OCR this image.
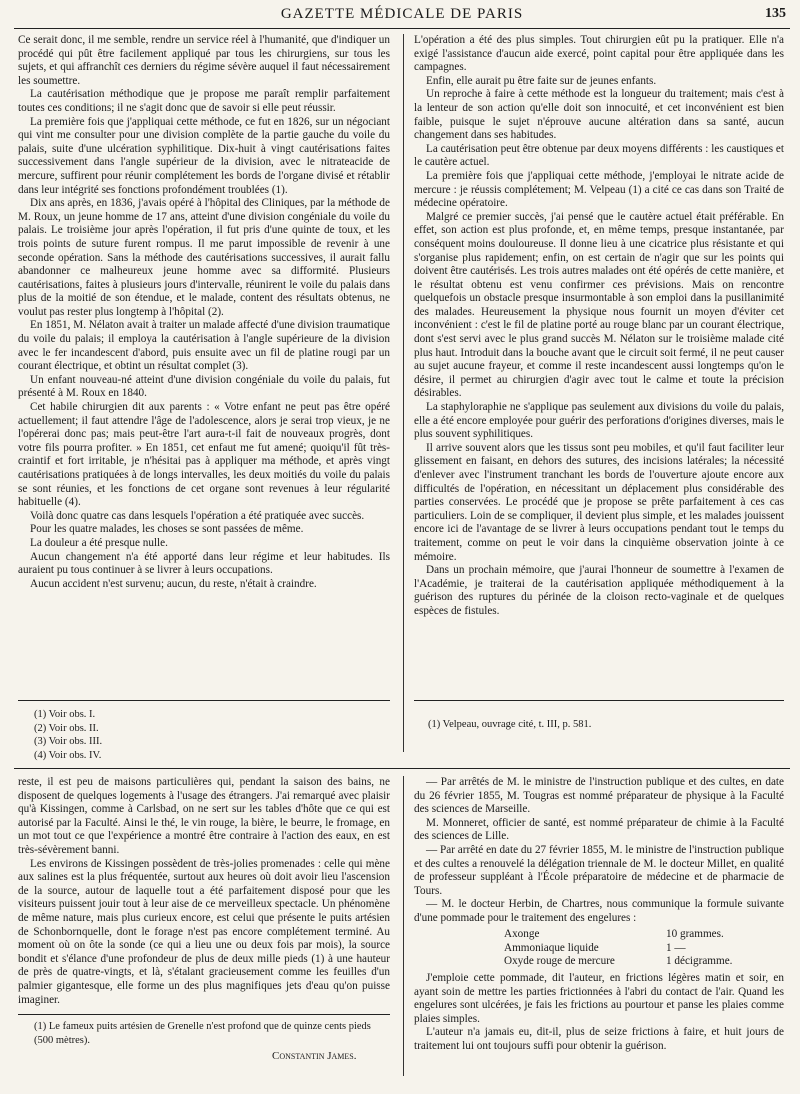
GAZETTE MÉDICALE DE PARIS	135

Ce serait donc, il me semble, rendre un service réel à l'humanité, que d'indiquer un procédé qui pût être facilement appliqué par tous les chirurgiens, sur tous les sujets, et qui affranchît ces derniers du régime sévère auquel il faut nécessairement les soumettre.

La cautérisation méthodique que je propose me paraît remplir parfaitement toutes ces conditions; il ne s'agit donc que de savoir si elle peut réussir.

La première fois que j'appliquai cette méthode, ce fut en 1826, sur un négociant qui vint me consulter pour une division complète de la partie gauche du voile du palais, suite d'une ulcération syphilitique. Dix-huit à vingt cautérisations faites successivement dans l'angle supérieur de la division, avec le nitrateacide de mercure, suffirent pour réunir complétement les bords de l'organe divisé et rétablir dans leur intégrité ses fonctions profondément troublées (1).

Dix ans après, en 1836, j'avais opéré à l'hôpital des Cliniques, par la méthode de M. Roux, un jeune homme de 17 ans, atteint d'une division congéniale du voile du palais. Le troisième jour après l'opération, il fut pris d'une quinte de toux, et les trois points de suture furent rompus. Il me parut impossible de revenir à une seconde opération. Sans la méthode des cautérisations successives, il aurait fallu abandonner ce malheureux jeune homme avec sa difformité. Plusieurs cautérisations, faites à plusieurs jours d'intervalle, réunirent le voile du palais dans plus de la moitié de son étendue, et le malade, content des résultats obtenus, ne voulut pas rester plus longtemp à l'hôpital (2).

En 1851, M. Nélaton avait à traiter un malade affecté d'une division traumatique du voile du palais; il employa la cautérisation à l'angle supérieure de la division avec le fer incandescent d'abord, puis ensuite avec un fil de platine rougi par un courant électrique, et obtint un résultat complet (3).

Un enfant nouveau-né atteint d'une division congéniale du voile du palais, fut présenté à M. Roux en 1840.

Cet habile chirurgien dit aux parents : « Votre enfant ne peut pas être opéré actuellement; il faut attendre l'âge de l'adolescence, alors je serai trop vieux, je ne l'opérerai donc pas; mais peut-être l'art aura-t-il fait de nouveaux progrès, dont votre fils pourra profiter. » En 1851, cet enfaut me fut amené; quoiqu'il fût très-craintif et fort irritable, je n'hésitai pas à appliquer ma méthode, et après vingt cautérisations pratiquées à de longs intervalles, les deux moitiés du voile du palais se sont réunies, et les fonctions de cet organe sont revenues à leur régularité habituelle (4).

Voilà donc quatre cas dans lesquels l'opération a été pratiquée avec succès.

Pour les quatre malades, les choses se sont passées de même.

La douleur a été presque nulle.

Aucun changement n'a été apporté dans leur régime et leur habitudes. Ils auraient pu tous continuer à se livrer à leurs occupations.

Aucun accident n'est survenu; aucun, du reste, n'était à craindre.

L'opération a été des plus simples. Tout chirurgien eût pu la pratiquer. Elle n'a exigé l'assistance d'aucun aide exercé, point capital pour être appliquée dans les campagnes.

Enfin, elle aurait pu être faite sur de jeunes enfants.

Un reproche à faire à cette méthode est la longueur du traitement; mais c'est à la lenteur de son action qu'elle doit son innocuité, et cet inconvénient est bien faible, puisque le sujet n'éprouve aucune altération dans sa santé, aucun changement dans ses habitudes.

La cautérisation peut être obtenue par deux moyens différents : les caustiques et le cautère actuel.

La première fois que j'appliquai cette méthode, j'employai le nitrate acide de mercure : je réussis complétement; M. Velpeau (1) a cité ce cas dans son Traité de médecine opératoire.

Malgré ce premier succès, j'ai pensé que le cautère actuel était préférable. En effet, son action est plus profonde, et, en même temps, presque instantanée, par conséquent moins douloureuse. Il donne lieu à une cicatrice plus résistante et qui s'organise plus rapidement; enfin, on est certain de n'agir que sur les points qui doivent être cautérisés. Les trois autres malades ont été opérés de cette manière, et le résultat obtenu est venu confirmer ces prévisions. Mais on rencontre quelquefois un obstacle presque insurmontable à son emploi dans la pusillanimité des malades. Heureusement la physique nous fournit un moyen d'éviter cet inconvénient : c'est le fil de platine porté au rouge blanc par un courant électrique, dont s'est servi avec le plus grand succès M. Nélaton sur le troisième malade cité plus haut. Introduit dans la bouche avant que le circuit soit fermé, il ne peut causer au sujet aucune frayeur, et comme il reste incandescent aussi longtemps qu'on le désire, il permet au chirurgien d'agir avec tout le calme et toute la précision désirables.

La staphyloraphie ne s'applique pas seulement aux divisions du voile du palais, elle a été encore employée pour guérir des perforations d'origines diverses, mais le plus souvent syphilitiques.

Il arrive souvent alors que les tissus sont peu mobiles, et qu'il faut faciliter leur glissement en faisant, en dehors des sutures, des incisions latérales; la nécessité d'enlever avec l'instrument tranchant les bords de l'ouverture ajoute encore aux difficultés de l'opération, en nécessitant un déplacement plus considérable des parties conservées. Le procédé que je propose se prête parfaitement à ces cas particuliers. Loin de se compliquer, il devient plus simple, et les malades jouissent encore ici de l'avantage de se livrer à leurs occupations pendant tout le temps du traitement, comme on peut le voir dans la cinquième observation jointe à ce mémoire.

Dans un prochain mémoire, que j'aurai l'honneur de soumettre à l'examen de l'Académie, je traiterai de la cautérisation appliquée méthodiquement à la guérison des ruptures du périnée de la cloison recto-vaginale et de quelques espèces de fistules.

(1) Voir obs. I.
(2) Voir obs. II.
(3) Voir obs. III.
(4) Voir obs. IV.
(1) Velpeau, ouvrage cité, t. III, p. 581.

reste, il est peu de maisons particulières qui, pendant la saison des bains, ne disposent de quelques logements à l'usage des étrangers. J'ai remarqué avec plaisir qu'à Kissingen, comme à Carlsbad, on ne sert sur les tables d'hôte que ce qui est autorisé par la Faculté. Ainsi le thé, le vin rouge, la bière, le beurre, le fromage, en un mot tout ce que l'expérience a montré être contraire à l'action des eaux, en est très-sévèrement banni.

Les environs de Kissingen possèdent de très-jolies promenades : celle qui mène aux salines est la plus fréquentée, surtout aux heures où doit avoir lieu l'ascension de la source, autour de laquelle tout a été parfaitement disposé pour que les visiteurs puissent jouir tout à leur aise de ce merveilleux spectacle. Un phénomène de même nature, mais plus curieux encore, est celui que présente le puits artésien de Schonbornquelle, dont le forage n'est pas encore complétement terminé. Au moment où on ôte la sonde (ce qui a lieu une ou deux fois par mois), la source bondit et s'élance d'une profondeur de plus de deux mille pieds (1) à une hauteur de près de quatre-vingts, et là, s'étalant gracieusement comme les feuilles d'un palmier gigantesque, elle forme un des plus magnifiques jets d'eau qu'on puisse imaginer.

(1) Le fameux puits artésien de Grenelle n'est profond que de quinze cents pieds (500 mètres).
Constantin James.

— Par arrêtés de M. le ministre de l'instruction publique et des cultes, en date du 26 février 1855, M. Tougras est nommé préparateur de physique à la Faculté des sciences de Marseille.

M. Monneret, officier de santé, est nommé préparateur de chimie à la Faculté des sciences de Lille.

— Par arrêté en date du 27 février 1855, M. le ministre de l'instruction publique et des cultes a renouvelé la délégation triennale de M. le docteur Millet, en qualité de professeur suppléant à l'École préparatoire de médecine et de pharmacie de Tours.

— M. le docteur Herbin, de Chartres, nous communique la formule suivante d'une pommade pour le traitement des engelures :

Axonge	10 grammes.
Ammoniaque liquide	1 —
Oxyde rouge de mercure	1 décigramme.

J'emploie cette pommade, dit l'auteur, en frictions légères matin et soir, en ayant soin de mettre les parties frictionnées à l'abri du contact de l'air. Quand les engelures sont ulcérées, je fais les frictions au pourtour et panse les plaies comme plaies simples.

L'auteur n'a jamais eu, dit-il, plus de seize frictions à faire, et huit jours de traitement lui ont toujours suffi pour obtenir la guérison.
